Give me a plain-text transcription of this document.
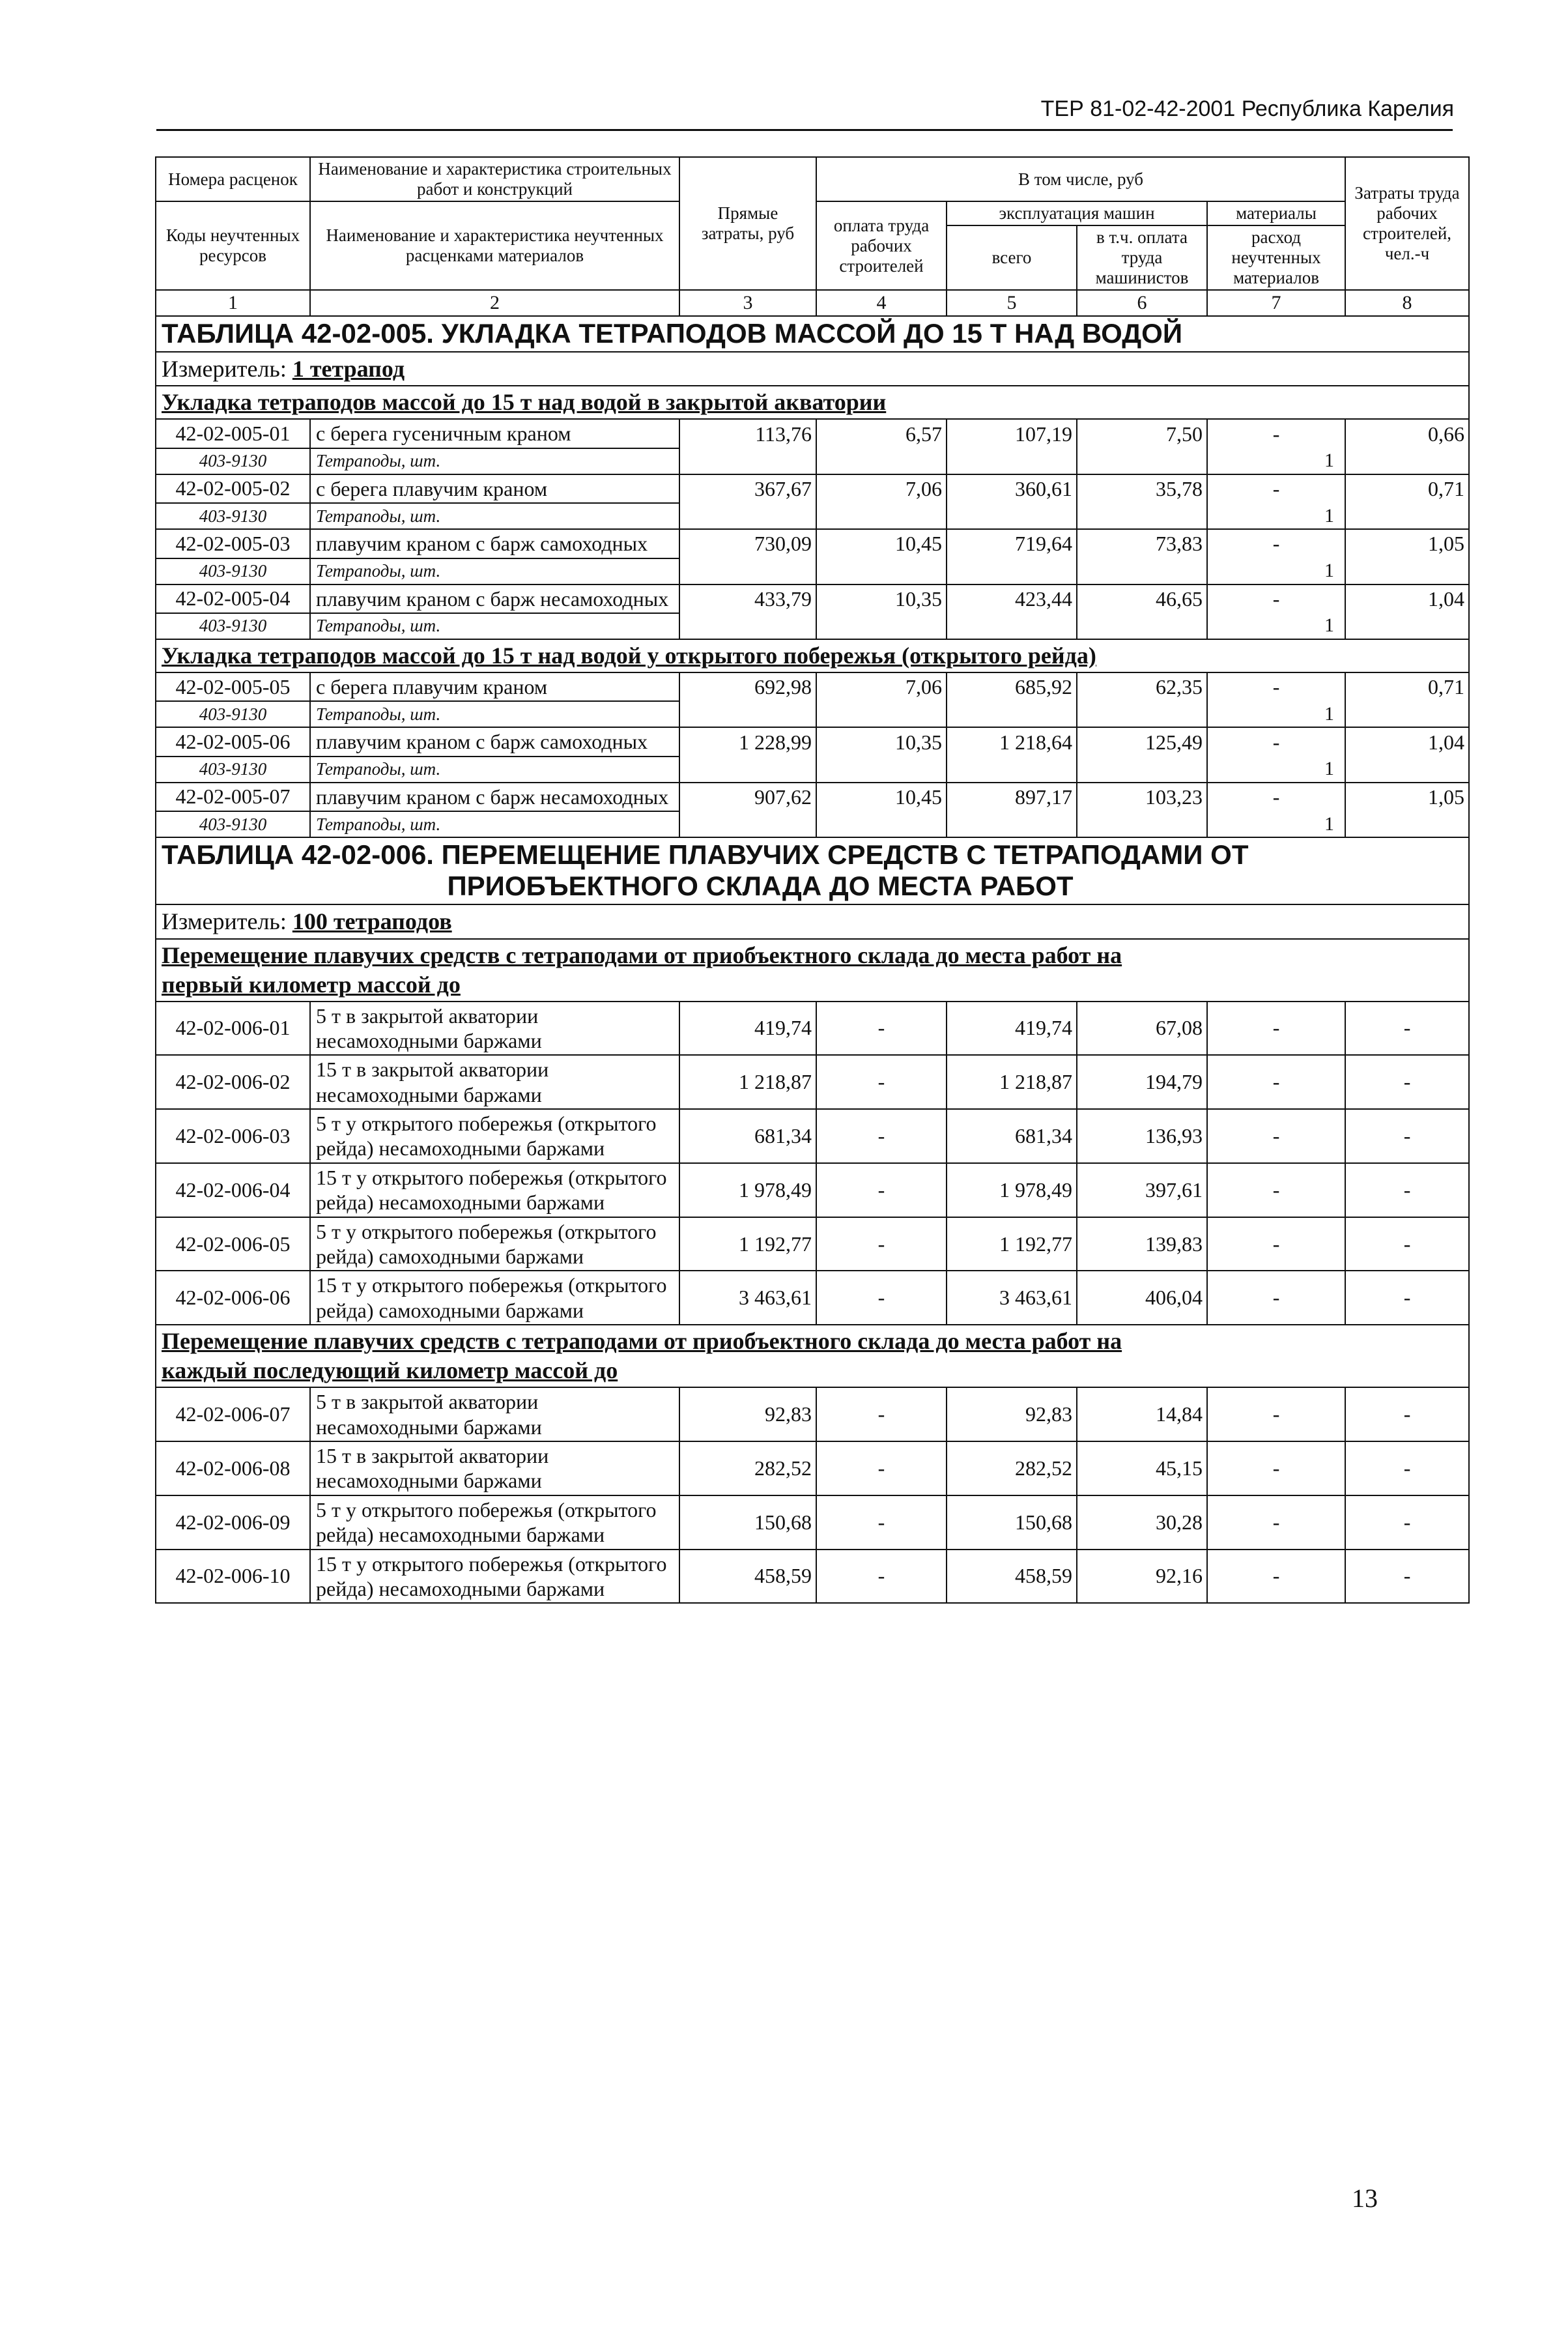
ТЕР 81-02-42-2001 Республика Карелия
Номера расценок	Наименование и характеристика строительных работ и конструкций	Прямые затраты, руб	В том числе, руб				Затраты труда рабочих строителей, чел.-ч
Коды неучтенных ресурсов	Наименование и характеристика неучтенных расценками материалов		оплата труда рабочих строителей	эксплуатация машин		материалы	
				всего	в т.ч. оплата труда машинистов	расход неучтенных материалов	
1	2	3	4	5	6	7	8
ТАБЛИЦА 42-02-005. УКЛАДКА ТЕТРАПОДОВ МАССОЙ ДО 15 Т НАД ВОДОЙ							
Измеритель: 1 тетрапод							
Укладка тетраподов массой до 15 т над водой в закрытой акватории							
42-02-005-01	с берега гусеничным краном	113,76	6,57	107,19	7,50	-	0,66
403-9130	Тетраподы, шт.					1	
42-02-005-02	с берега плавучим краном	367,67	7,06	360,61	35,78	-	0,71
403-9130	Тетраподы, шт.					1	
42-02-005-03	плавучим краном с барж самоходных	730,09	10,45	719,64	73,83	-	1,05
403-9130	Тетраподы, шт.					1	
42-02-005-04	плавучим краном с барж несамоходных	433,79	10,35	423,44	46,65	-	1,04
403-9130	Тетраподы, шт.					1	
Укладка тетраподов массой до 15 т над водой у открытого побережья (открытого рейда)							
42-02-005-05	с берега плавучим краном	692,98	7,06	685,92	62,35	-	0,71
403-9130	Тетраподы, шт.					1	
42-02-005-06	плавучим краном с барж самоходных	1 228,99	10,35	1 218,64	125,49	-	1,04
403-9130	Тетраподы, шт.					1	
42-02-005-07	плавучим краном с барж несамоходных	907,62	10,45	897,17	103,23	-	1,05
403-9130	Тетраподы, шт.					1	
ТАБЛИЦА 42-02-006. ПЕРЕМЕЩЕНИЕ ПЛАВУЧИХ СРЕДСТВ С ТЕТРАПОДАМИ ОТ
ПРИОБЪЕКТНОГО СКЛАДА ДО МЕСТА РАБОТ							

Измеритель: 100 тетраподов							
Перемещение плавучих средств с тетраподами от приобъектного склада до места работ на
первый километр массой до							
42-02-006-01	5 т в закрытой акватории несамоходными баржами	419,74	-	419,74	67,08	-	-
42-02-006-02	15 т в закрытой акватории несамоходными баржами	1 218,87	-	1 218,87	194,79	-	-
42-02-006-03	5 т у открытого побережья (открытого рейда) несамоходными баржами	681,34	-	681,34	136,93	-	-
42-02-006-04	15 т у открытого побережья (открытого рейда) несамоходными баржами	1 978,49	-	1 978,49	397,61	-	-
42-02-006-05	5 т у открытого побережья (открытого рейда) самоходными баржами	1 192,77	-	1 192,77	139,83	-	-
42-02-006-06	15 т у открытого побережья (открытого рейда) самоходными баржами	3 463,61	-	3 463,61	406,04	-	-
Перемещение плавучих средств с тетраподами от приобъектного склада до места работ на
каждый последующий километр массой до							
42-02-006-07	5 т в закрытой акватории несамоходными баржами	92,83	-	92,83	14,84	-	-
42-02-006-08	15 т в закрытой акватории несамоходными баржами	282,52	-	282,52	45,15	-	-
42-02-006-09	5 т у открытого побережья (открытого рейда) несамоходными баржами	150,68	-	150,68	30,28	-	-
42-02-006-10	15 т у открытого побережья (открытого рейда) несамоходными баржами	458,59	-	458,59	92,16	-	-
13
